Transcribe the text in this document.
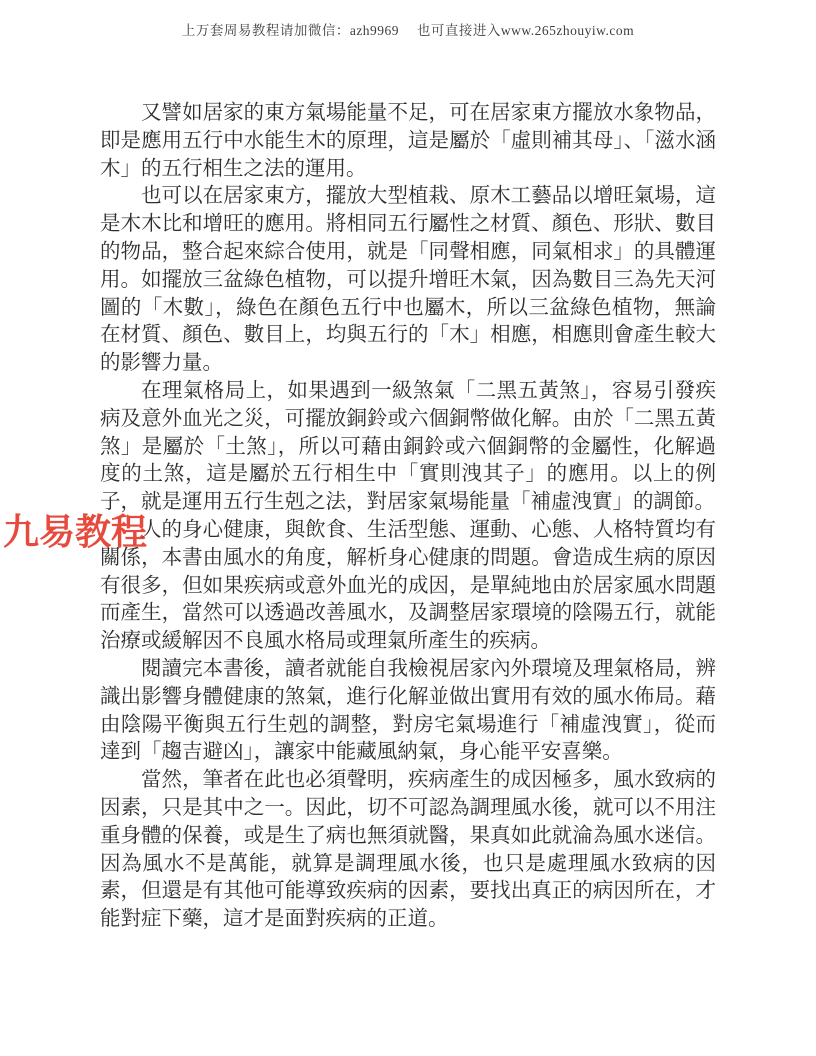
上万套周易教程请加微信：azh9969 　也可直接进入www.265zhouyiw.com
九易教程

又譬如居家的東方氣場能量不足，可在居家東方擺放水象物品，即是應用五行中水能生木的原理，這是屬於「虛則補其母」、「滋水涵木」的五行相生之法的運用。

也可以在居家東方，擺放大型植栽、原木工藝品以增旺氣場，這是木木比和增旺的應用。將相同五行屬性之材質、顏色、形狀、數目的物品，整合起來綜合使用，就是「同聲相應，同氣相求」的具體運用。如擺放三盆綠色植物，可以提升增旺木氣，因為數目三為先天河圖的「木數」，綠色在顏色五行中也屬木，所以三盆綠色植物，無論在材質、顏色、數目上，均與五行的「木」相應，相應則會產生較大的影響力量。

在理氣格局上，如果遇到一級煞氣「二黑五黃煞」，容易引發疾病及意外血光之災，可擺放銅鈴或六個銅幣做化解。由於「二黑五黃煞」是屬於「土煞」，所以可藉由銅鈴或六個銅幣的金屬性，化解過度的土煞，這是屬於五行相生中「實則洩其子」的應用。以上的例子，就是運用五行生剋之法，對居家氣場能量「補虛洩實」的調節。

人的身心健康，與飲食、生活型態、運動、心態、人格特質均有關係，本書由風水的角度，解析身心健康的問題。會造成生病的原因有很多，但如果疾病或意外血光的成因，是單純地由於居家風水問題而產生，當然可以透過改善風水，及調整居家環境的陰陽五行，就能治療或緩解因不良風水格局或理氣所產生的疾病。

閱讀完本書後，讀者就能自我檢視居家內外環境及理氣格局，辨識出影響身體健康的煞氣，進行化解並做出實用有效的風水佈局。藉由陰陽平衡與五行生剋的調整，對房宅氣場進行「補虛洩實」，從而達到「趨吉避凶」，讓家中能藏風納氣，身心能平安喜樂。

當然，筆者在此也必須聲明，疾病產生的成因極多，風水致病的因素，只是其中之一。因此，切不可認為調理風水後，就可以不用注重身體的保養，或是生了病也無須就醫，果真如此就淪為風水迷信。因為風水不是萬能，就算是調理風水後，也只是處理風水致病的因素，但還是有其他可能導致疾病的因素，要找出真正的病因所在，才能對症下藥，這才是面對疾病的正道。
